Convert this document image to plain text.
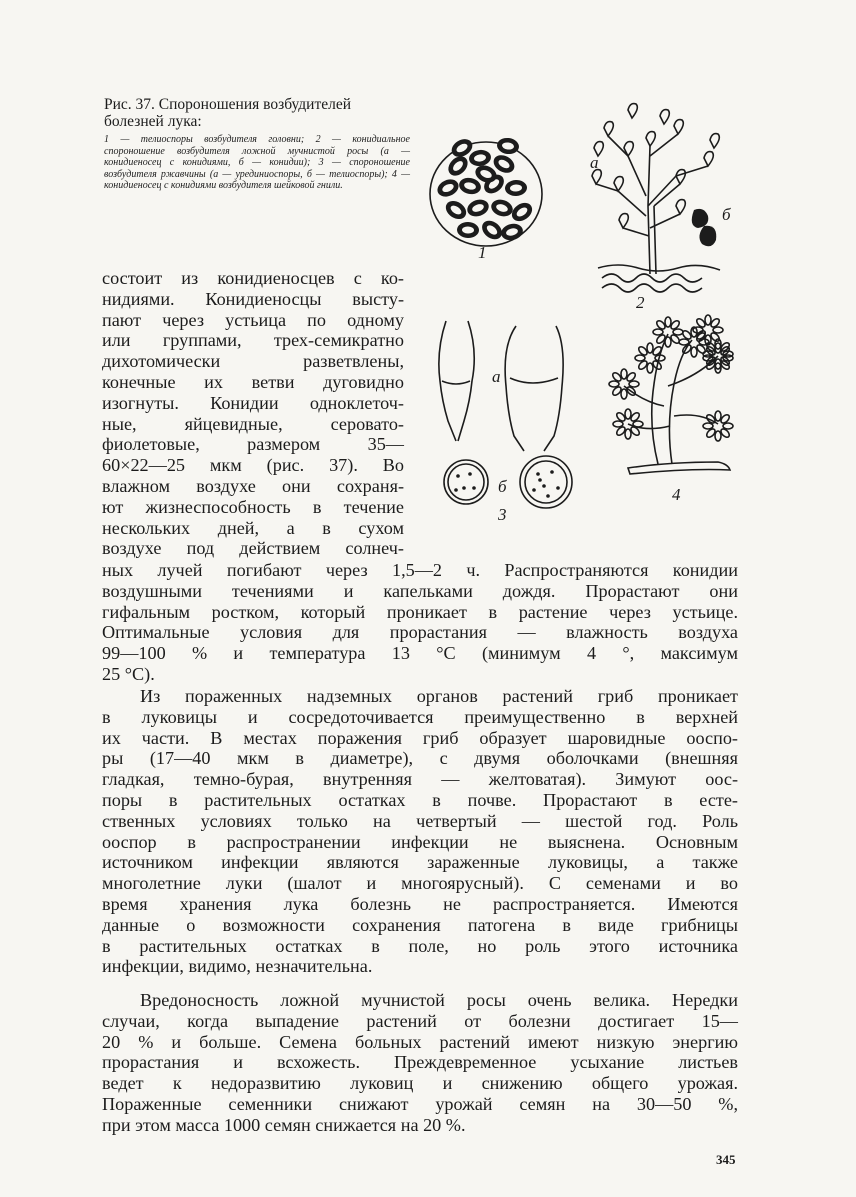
Рис. 37. Спороношения возбудителей болезней лука:

1 — телиоспоры возбудителя головни; 2 — конидиальное спороношение возбудителя ложной мучнистой росы (а — конидиеносец с конидиями, б — конидии); 3 — спороношение возбудителя ржавчины (а — урединиоспоры, б — телиоспоры); 4 — конидиеносец с конидиями возбудителя шейковой гнили.

1
а
б
2
а
б
3
4
состоит из конидиеносцев с ко-
нидиями. Конидиеносцы высту-
пают через устьица по одному
или группами, трех-семикратно
дихотомически разветвлены,
конечные их ветви дуговидно
изогнуты. Конидии одноклеточ-
ные, яйцевидные, серовато-
фиолетовые, размером 35—
60×22—25 мкм (рис. 37). Во
влажном воздухе они сохраня-
ют жизнеспособность в течение
нескольких дней, а в сухом
воздухе под действием солнеч-
ных лучей погибают через 1,5—2 ч. Распространяются конидии
воздушными течениями и капельками дождя. Прорастают они
гифальным ростком, который проникает в растение через устьице.
Оптимальные условия для прорастания — влажность воздуха
99—100 % и температура 13 °С (минимум 4 °, максимум
25 °С).
Из пораженных надземных органов растений гриб проникает
в луковицы и сосредоточивается преимущественно в верхней
их части. В местах поражения гриб образует шаровидные ооспо-
ры (17—40 мкм в диаметре), с двумя оболочками (внешняя
гладкая, темно-бурая, внутренняя — желтоватая). Зимуют оос-
поры в растительных остатках в почве. Прорастают в есте-
ственных условиях только на четвертый — шестой год. Роль
ооспор в распространении инфекции не выяснена. Основным
источником инфекции являются зараженные луковицы, а также
многолетние луки (шалот и многоярусный). С семенами и во
время хранения лука болезнь не распространяется. Имеются
данные о возможности сохранения патогена в виде грибницы
в растительных остатках в поле, но роль этого источника
инфекции, видимо, незначительна.
Вредоносность ложной мучнистой росы очень велика. Нередки
случаи, когда выпадение растений от болезни достигает 15—
20 % и больше. Семена больных растений имеют низкую энергию
прорастания и всхожесть. Преждевременное усыхание листьев
ведет к недоразвитию луковиц и снижению общего урожая.
Пораженные семенники снижают урожай семян на 30—50 %,
при этом масса 1000 семян снижается на 20 %.
345
